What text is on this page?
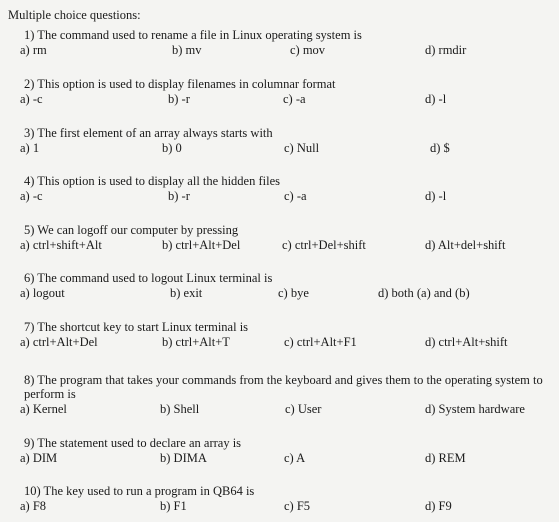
Multiple choice questions:
1) The command used to rename a file in Linux operating system is
a) rm	b) mv	c) mov	d) rmdir
2) This option is used to display filenames in columnar format
a) -c	b) -r	c) -a	d) -l
3) The first element of an array always starts with
a) 1	b) 0	c) Null	d) $
4) This option is used to display all the hidden files
a) -c	b) -r	c) -a	d) -l
5) We can logoff our computer by pressing
a) ctrl+shift+Alt	b) ctrl+Alt+Del	c) ctrl+Del+shift	d) Alt+del+shift
6) The command used to logout Linux terminal is
a) logout	b) exit	c) bye	d) both (a) and (b)
7) The shortcut key to start Linux terminal is
a) ctrl+Alt+Del	b) ctrl+Alt+T	c) ctrl+Alt+F1	d) ctrl+Alt+shift
8) The program that takes your commands from the keyboard and gives them to the operating system to perform is
a) Kernel	b) Shell	c) User	d) System hardware
9) The statement used to declare an array is
a) DIM	b) DIMA	c) A	d) REM
10) The key used to run a program in QB64 is
a) F8	b) F1	c) F5	d) F9
